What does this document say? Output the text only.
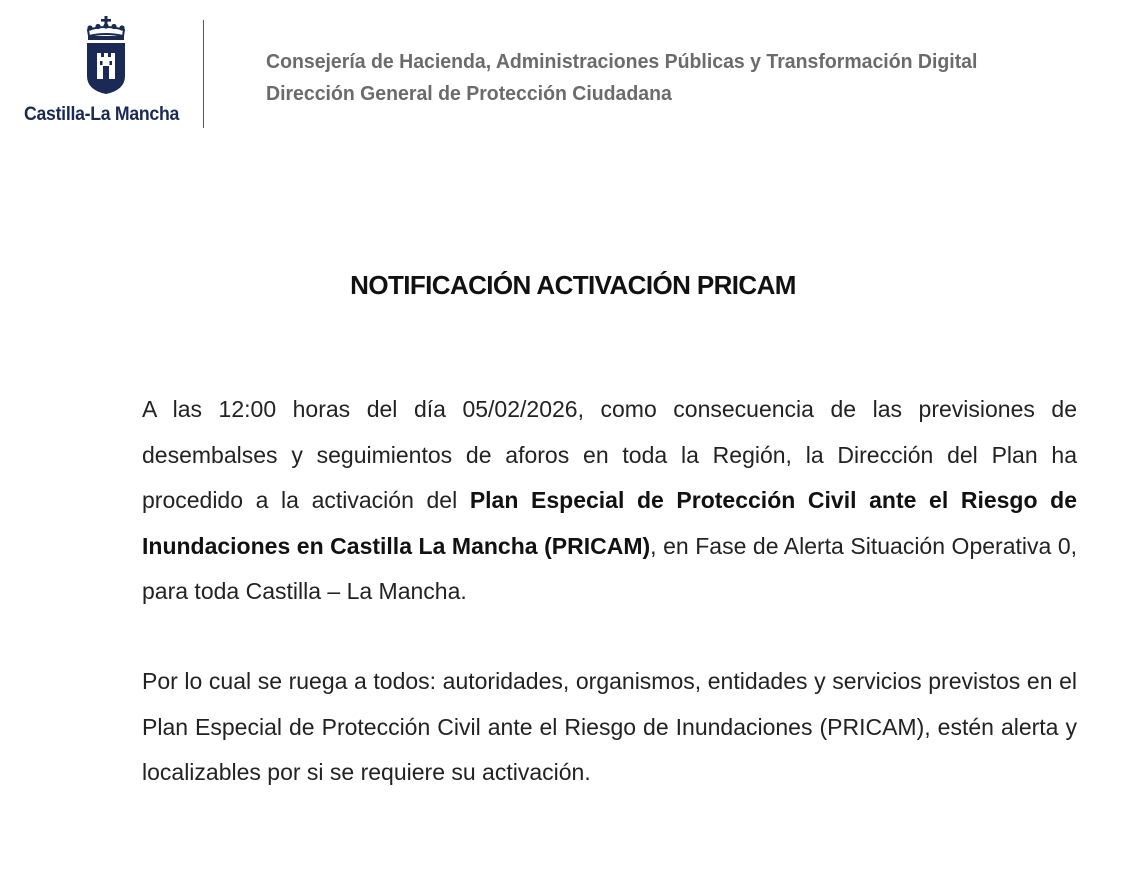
Castilla-La Mancha
Consejería de Hacienda, Administraciones Públicas y Transformación Digital
Dirección General de Protección Ciudadana
NOTIFICACIÓN ACTIVACIÓN PRICAM
A las 12:00 horas del día 05/02/2026, como consecuencia de las previsiones de desembalses y seguimientos de aforos en toda la Región, la Dirección del Plan ha procedido a la activación del Plan Especial de Protección Civil ante el Riesgo de Inundaciones en Castilla La Mancha (PRICAM), en Fase de Alerta Situación Operativa 0, para toda Castilla – La Mancha.
Por lo cual se ruega a todos: autoridades, organismos, entidades y servicios previstos en el Plan Especial de Protección Civil ante el Riesgo de Inundaciones (PRICAM), estén alerta y localizables por si se requiere su activación.
